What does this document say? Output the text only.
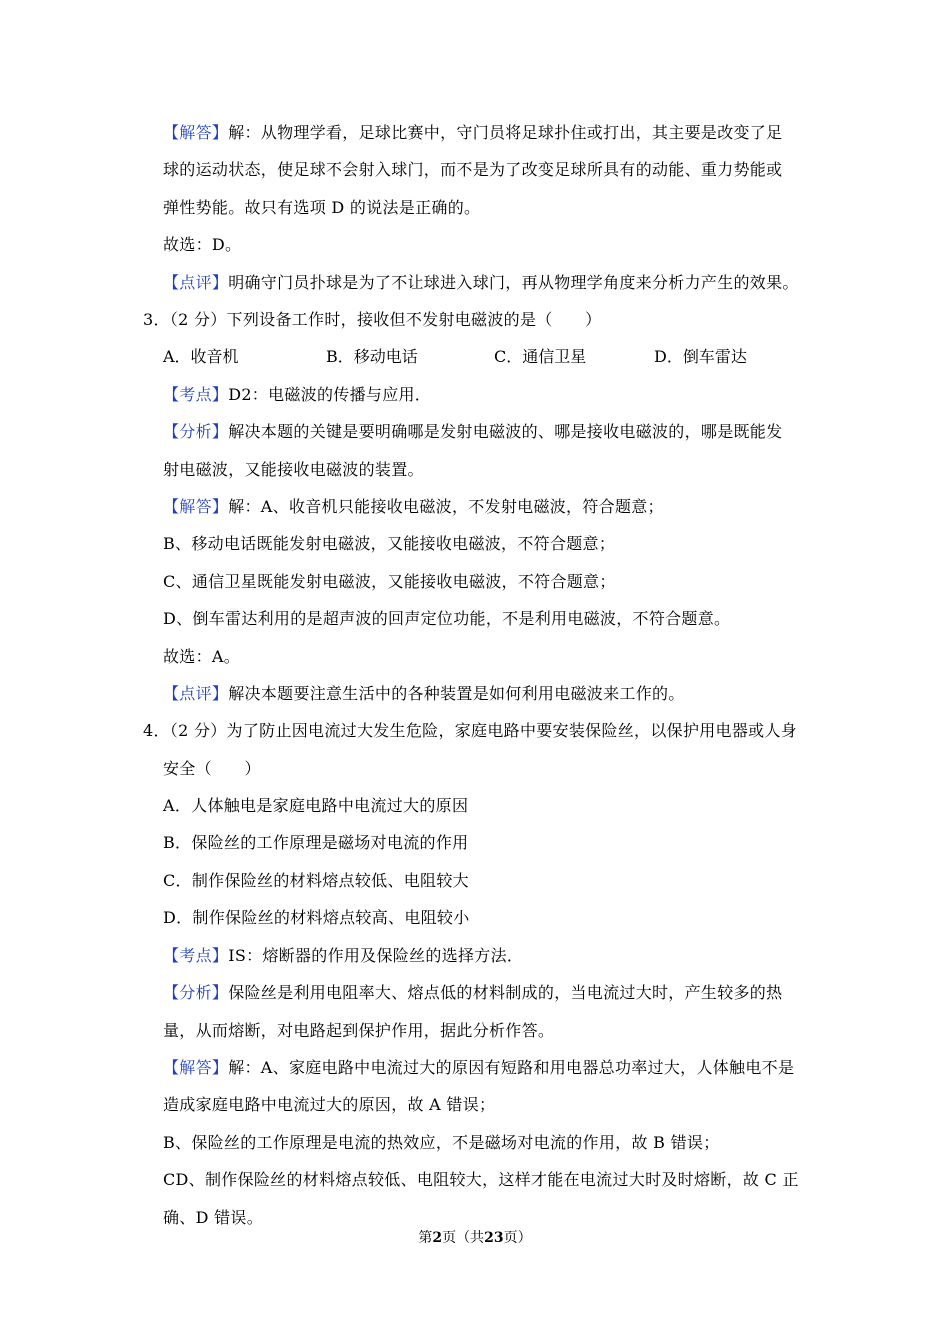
【解答】解：从物理学看，足球比赛中，守门员将足球扑住或打出，其主要是改变了足
球的运动状态，使足球不会射入球门，而不是为了改变足球所具有的动能、重力势能或
弹性势能。故只有选项 D 的说法是正确的。
故选：D。
【点评】明确守门员扑球是为了不让球进入球门，再从物理学角度来分析力产生的效果。
3．（2 分）下列设备工作时，接收但不发射电磁波的是（　　）
A．收音机	B．移动电话	C．通信卫星	D．倒车雷达
【考点】D2：电磁波的传播与应用．
【分析】解决本题的关键是要明确哪是发射电磁波的、哪是接收电磁波的，哪是既能发
射电磁波，又能接收电磁波的装置。
【解答】解：A、收音机只能接收电磁波，不发射电磁波，符合题意；
B、移动电话既能发射电磁波，又能接收电磁波，不符合题意；
C、通信卫星既能发射电磁波，又能接收电磁波，不符合题意；
D、倒车雷达利用的是超声波的回声定位功能，不是利用电磁波，不符合题意。
故选：A。
【点评】解决本题要注意生活中的各种装置是如何利用电磁波来工作的。
4．（2 分）为了防止因电流过大发生危险，家庭电路中要安装保险丝，以保护用电器或人身
安全（　　）
A．人体触电是家庭电路中电流过大的原因
B．保险丝的工作原理是磁场对电流的作用
C．制作保险丝的材料熔点较低、电阻较大
D．制作保险丝的材料熔点较高、电阻较小
【考点】IS：熔断器的作用及保险丝的选择方法．
【分析】保险丝是利用电阻率大、熔点低的材料制成的，当电流过大时，产生较多的热
量，从而熔断，对电路起到保护作用，据此分析作答。
【解答】解：A、家庭电路中电流过大的原因有短路和用电器总功率过大，人体触电不是
造成家庭电路中电流过大的原因，故 A 错误；
B、保险丝的工作原理是电流的热效应，不是磁场对电流的作用，故 B 错误；
CD、制作保险丝的材料熔点较低、电阻较大，这样才能在电流过大时及时熔断，故 C 正
确、D 错误。
第2页（共23页）
